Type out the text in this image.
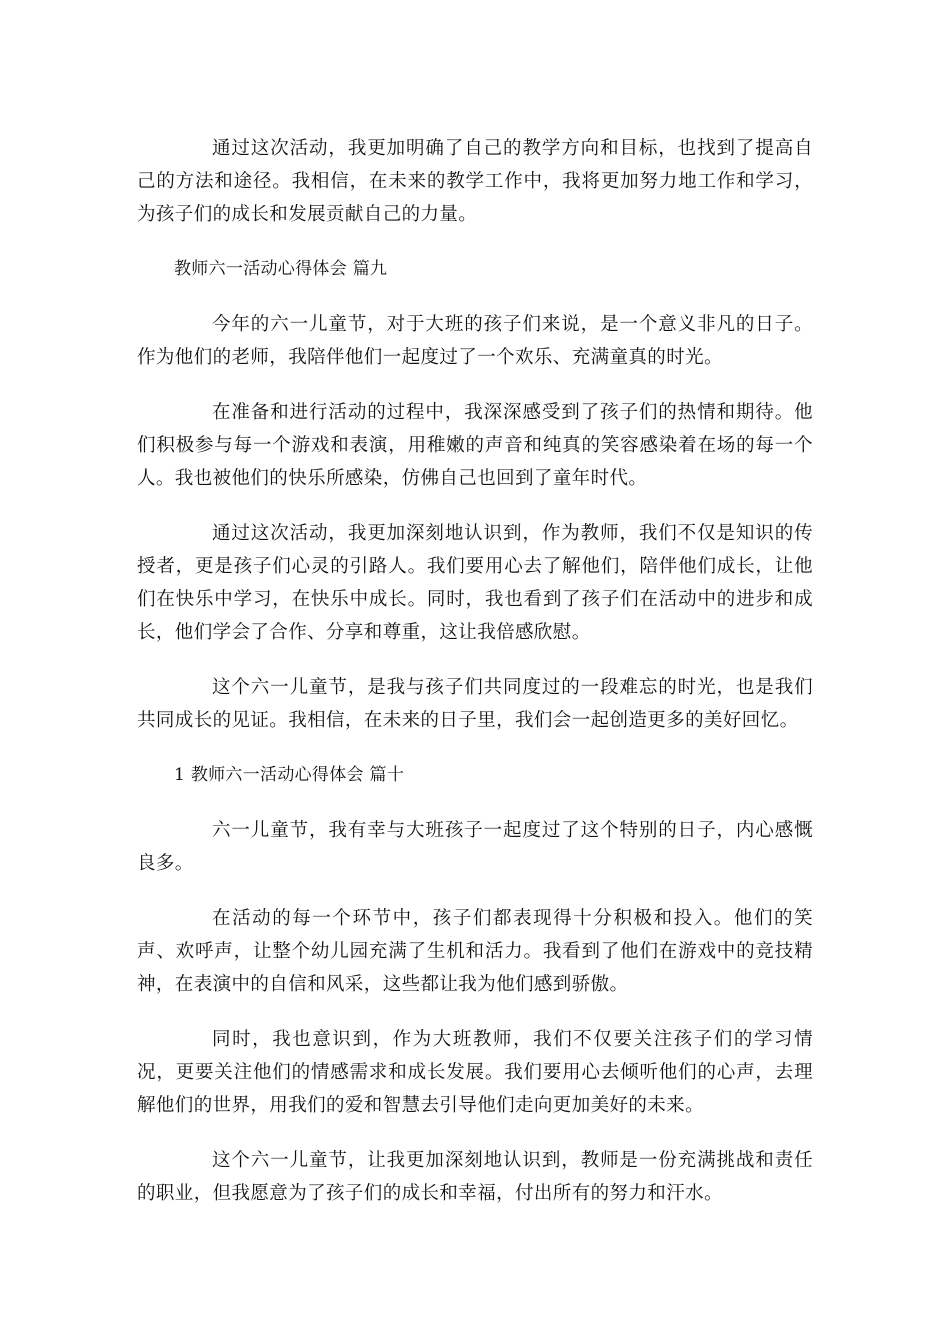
通过这次活动，我更加明确了自己的教学方向和目标，也找到了提高自己的方法和途径。我相信，在未来的教学工作中，我将更加努力地工作和学习，为孩子们的成长和发展贡献自己的力量。

教师六一活动心得体会 篇九

今年的六一儿童节，对于大班的孩子们来说，是一个意义非凡的日子。作为他们的老师，我陪伴他们一起度过了一个欢乐、充满童真的时光。

在准备和进行活动的过程中，我深深感受到了孩子们的热情和期待。他们积极参与每一个游戏和表演，用稚嫩的声音和纯真的笑容感染着在场的每一个人。我也被他们的快乐所感染，仿佛自己也回到了童年时代。

通过这次活动，我更加深刻地认识到，作为教师，我们不仅是知识的传授者，更是孩子们心灵的引路人。我们要用心去了解他们，陪伴他们成长，让他们在快乐中学习，在快乐中成长。同时，我也看到了孩子们在活动中的进步和成长，他们学会了合作、分享和尊重，这让我倍感欣慰。

这个六一儿童节，是我与孩子们共同度过的一段难忘的时光，也是我们共同成长的见证。我相信，在未来的日子里，我们会一起创造更多的美好回忆。

1 教师六一活动心得体会 篇十

六一儿童节，我有幸与大班孩子一起度过了这个特别的日子，内心感慨良多。

在活动的每一个环节中，孩子们都表现得十分积极和投入。他们的笑声、欢呼声，让整个幼儿园充满了生机和活力。我看到了他们在游戏中的竞技精神，在表演中的自信和风采，这些都让我为他们感到骄傲。

同时，我也意识到，作为大班教师，我们不仅要关注孩子们的学习情况，更要关注他们的情感需求和成长发展。我们要用心去倾听他们的心声，去理解他们的世界，用我们的爱和智慧去引导他们走向更加美好的未来。

这个六一儿童节，让我更加深刻地认识到，教师是一份充满挑战和责任的职业，但我愿意为了孩子们的成长和幸福，付出所有的努力和汗水。
